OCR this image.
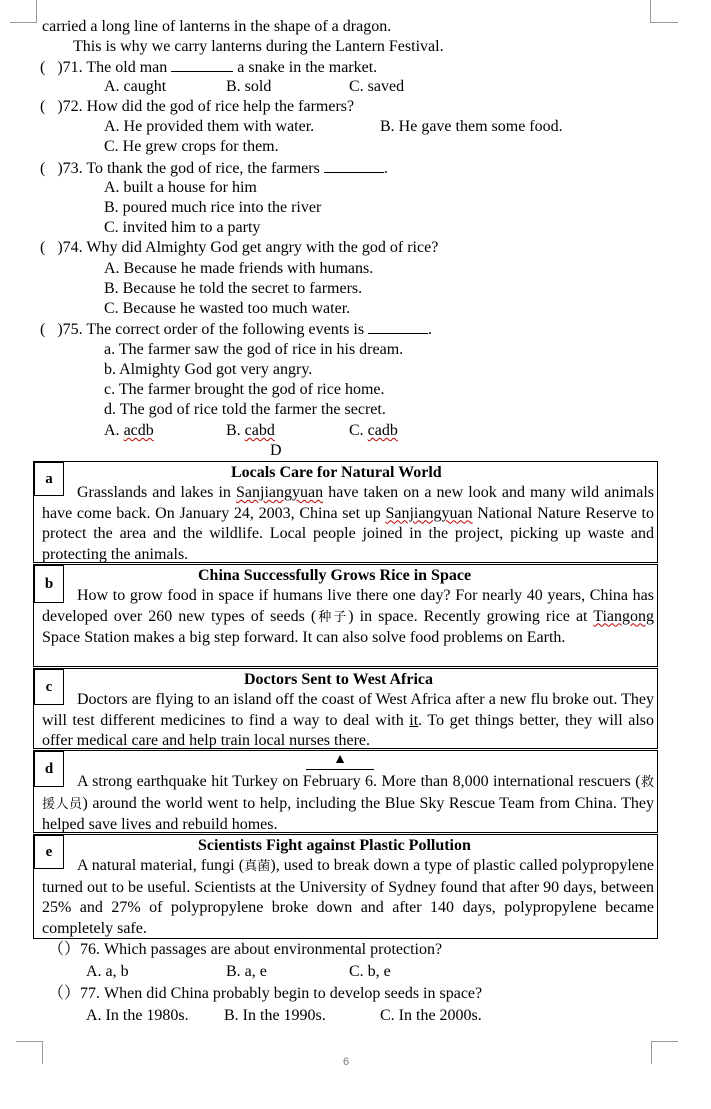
carried a long line of lanterns in the shape of a dragon.
This is why we carry lanterns during the Lantern Festival.
( )71. The old man	a snake in the market.
A. caught	B. sold	C. saved
( )72. How did the god of rice help the farmers?
A. He provided them with water.	B. He gave them some food.
C. He grew crops for them.
( )73. To thank the god of rice, the farmers	.
A. built a house for him
B. poured much rice into the river
C. invited him to a party
( )74. Why did Almighty God get angry with the god of rice?
A. Because he made friends with humans.
B. Because he told the secret to farmers.
C. Because he wasted too much water.
( )75. The correct order of the following events is	.
a. The farmer saw the god of rice in his dream.
b. Almighty God got very angry.
c. The farmer brought the god of rice home.
d. The god of rice told the farmer the secret.
A. acdb	B. cabd	C. cadb
D
a	Locals Care for Natural World
Grasslands and lakes in Sanjiangyuan have taken on a new look and many wild animals have come back. On January 24, 2003, China set up Sanjiangyuan National Nature Reserve to protect the area and the wildlife. Local people joined in the project, picking up waste and protecting the animals.
b	China Successfully Grows Rice in Space
How to grow food in space if humans live there one day? For nearly 40 years, China has developed over 260 new types of seeds (种子) in space. Recently growing rice at Tiangong Space Station makes a big step forward. It can also solve food problems on Earth.
c	Doctors Sent to West Africa
Doctors are flying to an island off the coast of West Africa after a new flu broke out. They will test different medicines to find a way to deal with it. To get things better, they will also offer medical care and help train local nurses there.
d
▲
A strong earthquake hit Turkey on February 6. More than 8,000 international rescuers (救援人员) around the world went to help, including the Blue Sky Rescue Team from China. They helped save lives and rebuild homes.
e	Scientists Fight against Plastic Pollution
A natural material, fungi (真菌), used to break down a type of plastic called polypropylene turned out to be useful. Scientists at the University of Sydney found that after 90 days, between 25% and 27% of polypropylene broke down and after 140 days, polypropylene became completely safe.
（）76. Which passages are about environmental protection?
A. a, b	B. a, e	C. b, e
（）77. When did China probably begin to develop seeds in space?
A. In the 1980s. B. In the 1990s.	C. In the 2000s.
6
